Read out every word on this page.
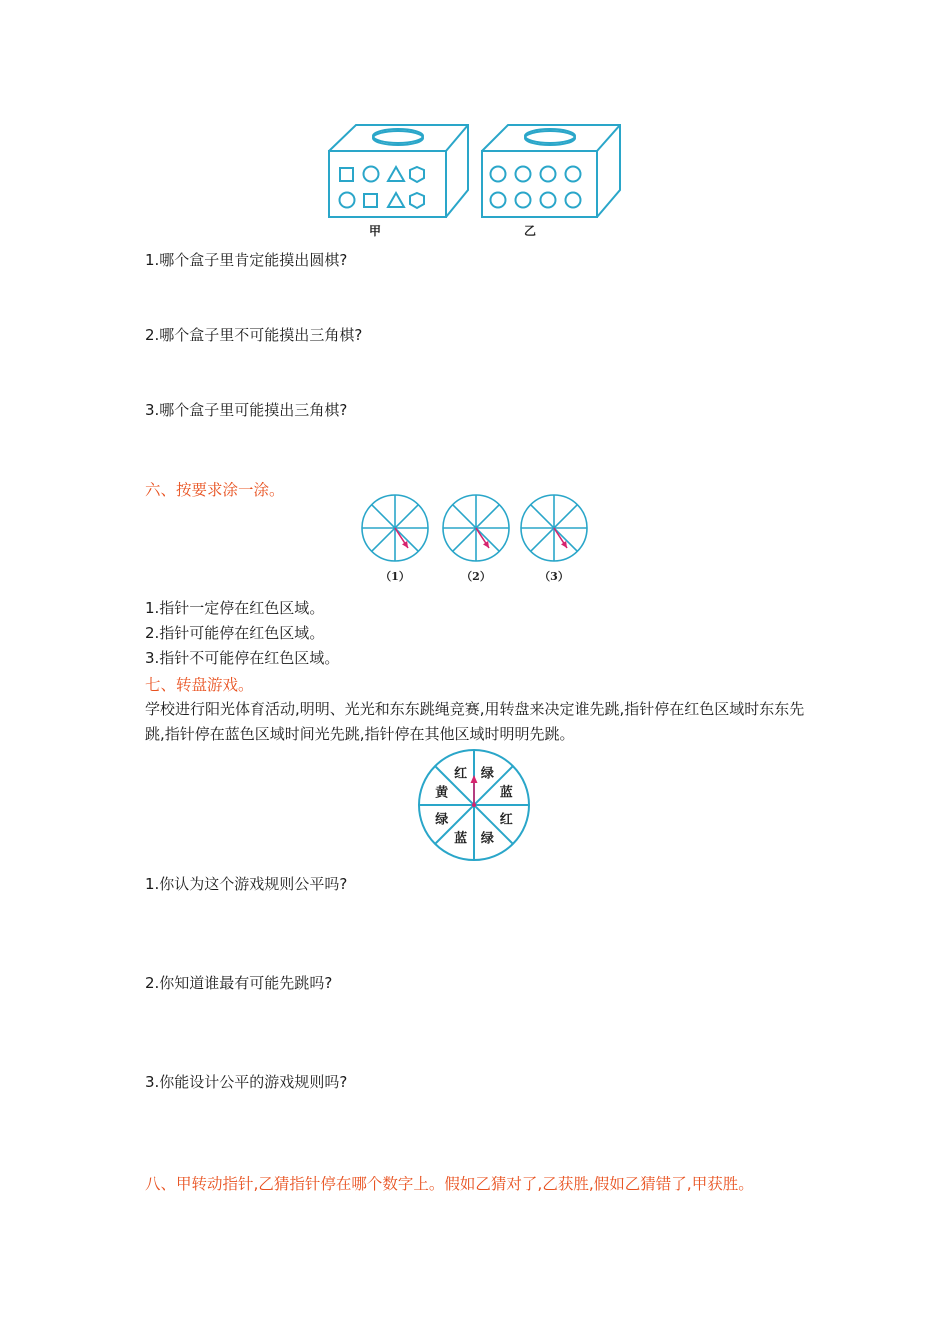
甲	乙
1.哪个盒子里肯定能摸出圆棋?
2.哪个盒子里不可能摸出三角棋?
3.哪个盒子里可能摸出三角棋?
六、按要求涂一涂。
（1）	（2）	（3）
1.指针一定停在红色区域。
2.指针可能停在红色区域。
3.指针不可能停在红色区域。
七、转盘游戏。
学校进行阳光体育活动,明明、光光和东东跳绳竞赛,用转盘来决定谁先跳,指针停在红色区域时东东先跳,指针停在蓝色区域时间光先跳,指针停在其他区域时明明先跳。
红 绿
蓝
红
绿
蓝
绿
黄
1.你认为这个游戏规则公平吗?
2.你知道谁最有可能先跳吗?
3.你能设计公平的游戏规则吗?
八、甲转动指针,乙猜指针停在哪个数字上。假如乙猜对了,乙获胜,假如乙猜错了,甲获胜。
